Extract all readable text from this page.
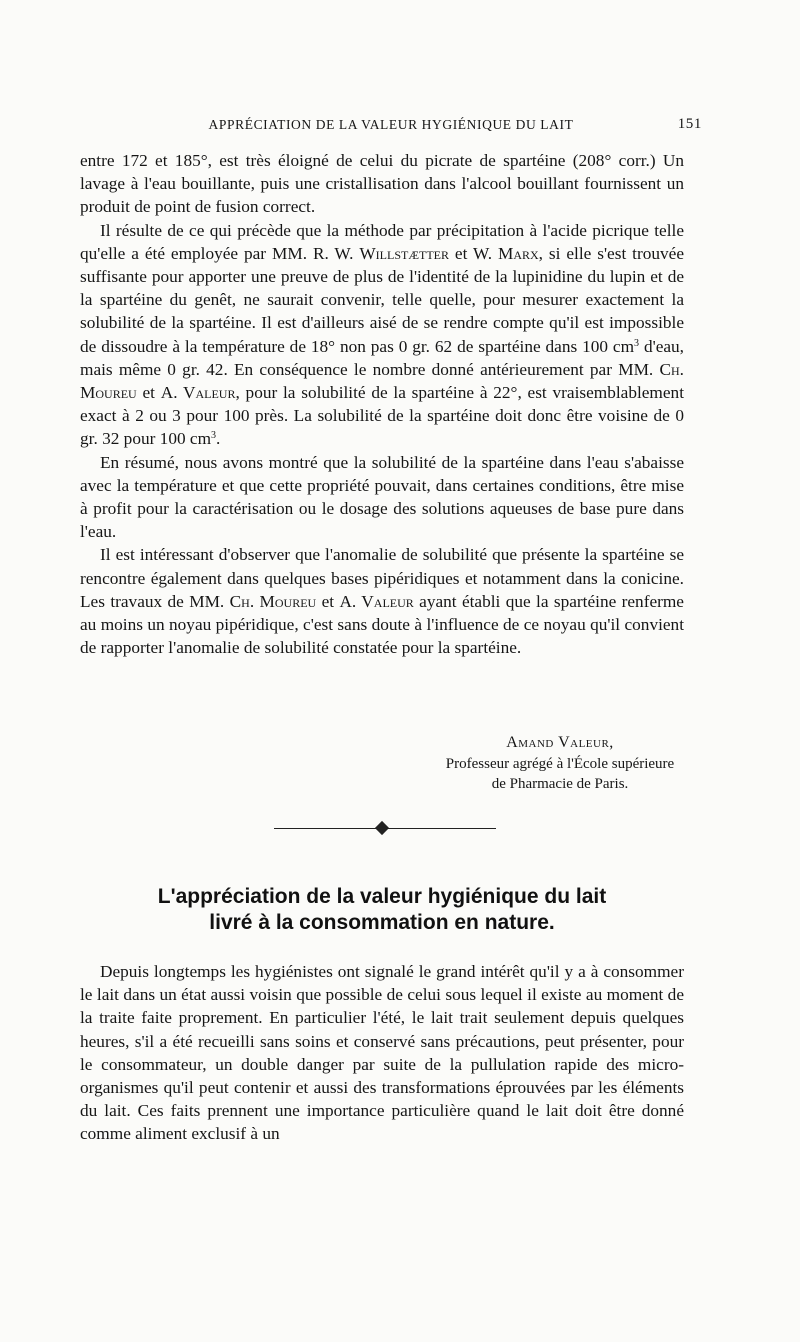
APPRÉCIATION DE LA VALEUR HYGIÉNIQUE DU LAIT	151

entre 172 et 185°, est très éloigné de celui du picrate de spartéine (208° corr.) Un lavage à l'eau bouillante, puis une cristallisation dans l'alcool bouillant fournissent un produit de point de fusion correct.

Il résulte de ce qui précède que la méthode par précipitation à l'acide picrique telle qu'elle a été employée par MM. R. W. Willstætter et W. Marx, si elle s'est trouvée suffisante pour apporter une preuve de plus de l'identité de la lupinidine du lupin et de la spartéine du genêt, ne saurait convenir, telle quelle, pour mesurer exactement la solubilité de la spartéine. Il est d'ailleurs aisé de se rendre compte qu'il est impossible de dissoudre à la température de 18° non pas 0 gr. 62 de spartéine dans 100 $cm^3$ d'eau, mais même 0 gr. 42. En conséquence le nombre donné antérieurement par MM. Ch. Moureu et A. Valeur, pour la solubilité de la spartéine à 22°, est vraisemblablement exact à 2 ou 3 pour 100 près. La solubilité de la spartéine doit donc être voisine de 0 gr. 32 pour 100 $cm^3$.

En résumé, nous avons montré que la solubilité de la spartéine dans l'eau s'abaisse avec la température et que cette propriété pouvait, dans certaines conditions, être mise à profit pour la caractérisation ou le dosage des solutions aqueuses de base pure dans l'eau.

Il est intéressant d'observer que l'anomalie de solubilité que présente la spartéine se rencontre également dans quelques bases pipéridiques et notamment dans la conicine. Les travaux de MM. Ch. Moureu et A. Valeur ayant établi que la spartéine renferme au moins un noyau pipéridique, c'est sans doute à l'influence de ce noyau qu'il convient de rapporter l'anomalie de solubilité constatée pour la spartéine.

Amand Valeur,
Professeur agrégé à l'École supérieure
de Pharmacie de Paris.
L'appréciation de la valeur hygiénique du lait
livré à la consommation en nature.

Depuis longtemps les hygiénistes ont signalé le grand intérêt qu'il y a à consommer le lait dans un état aussi voisin que possible de celui sous lequel il existe au moment de la traite faite proprement. En particulier l'été, le lait trait seulement depuis quelques heures, s'il a été recueilli sans soins et conservé sans précautions, peut présenter, pour le consommateur, un double danger par suite de la pullulation rapide des micro-organismes qu'il peut contenir et aussi des transformations éprouvées par les éléments du lait. Ces faits prennent une importance particulière quand le lait doit être donné comme aliment exclusif à un
